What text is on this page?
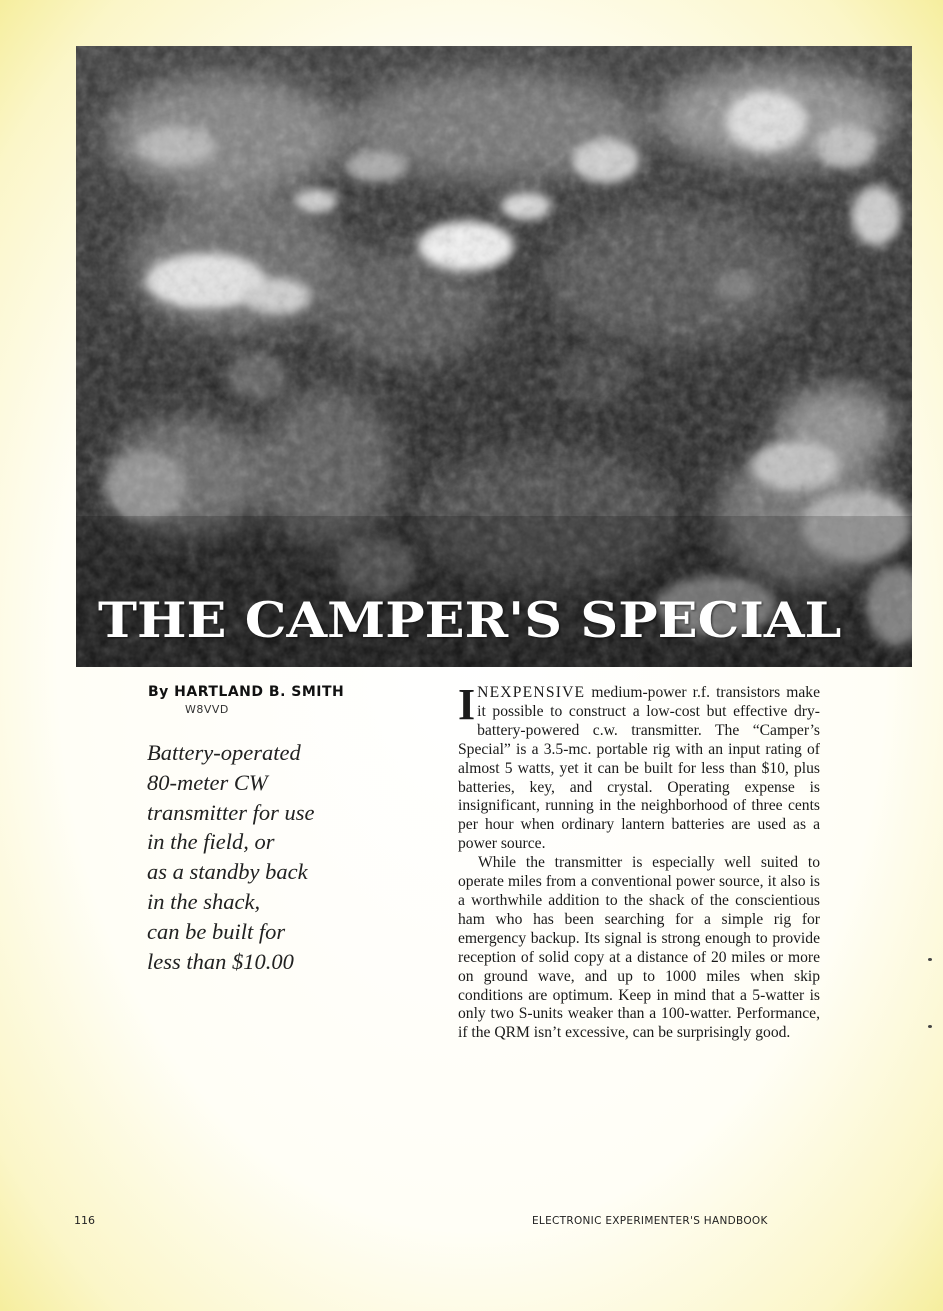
THE CAMPER'S SPECIAL
By HARTLAND B. SMITH
W8VVD
Battery-operated
80-meter CW
transmitter for use
in the field, or
as a standby back
in the shack,
can be built for
less than $10.00

INEXPENSIVE medium-power r.f. transistors make it possible to construct a low-cost but effective dry-battery-powered c.w. transmitter. The “Camper’s Special” is a 3.5-mc. portable rig with an input rating of almost 5 watts, yet it can be built for less than $10, plus batteries, key, and crystal. Operating expense is insignificant, running in the neighborhood of three cents per hour when ordinary lantern batteries are used as a power source.

While the transmitter is especially well suited to operate miles from a conventional power source, it also is a worthwhile addition to the shack of the conscientious ham who has been searching for a simple rig for emergency backup. Its signal is strong enough to provide reception of solid copy at a distance of 20 miles or more on ground wave, and up to 1000 miles when skip conditions are optimum. Keep in mind that a 5-watter is only two S-units weaker than a 100-watter. Performance, if the QRM isn’t excessive, can be surprisingly good.

116	ELECTRONIC EXPERIMENTER'S HANDBOOK
